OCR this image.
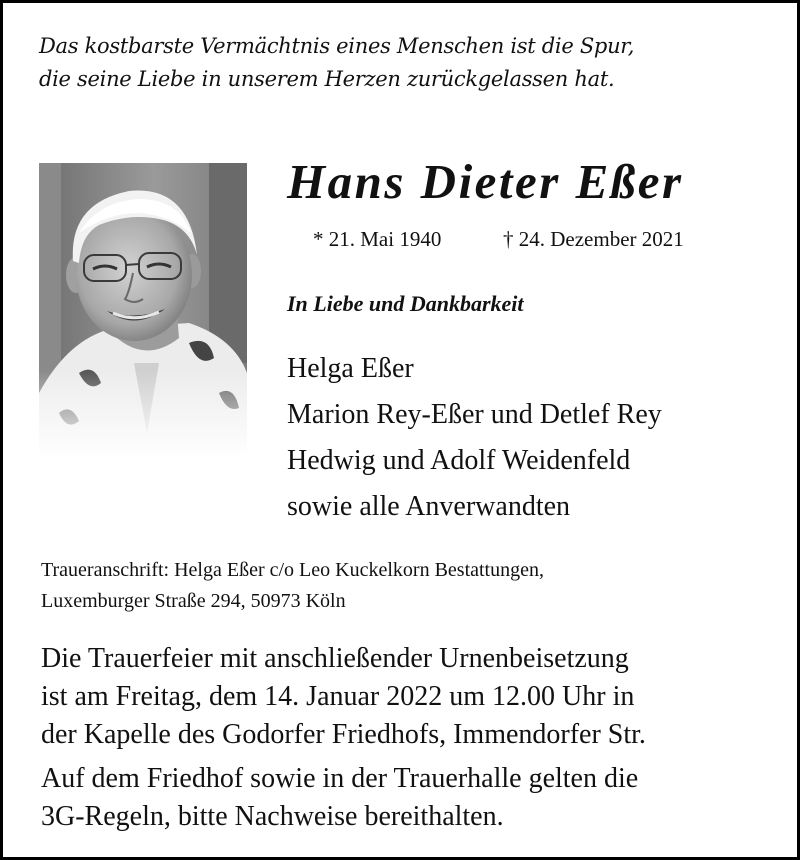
Das kostbarste Vermächtnis eines Menschen ist die Spur,
die seine Liebe in unserem Herzen zurückgelassen hat.
Hans Dieter Eßer
* 21. Mai 1940	† 24. Dezember 2021
In Liebe und Dankbarkeit
Helga Eßer
Marion Rey-Eßer und Detlef Rey
Hedwig und Adolf Weidenfeld
sowie alle Anverwandten
Traueranschrift: Helga Eßer c/o Leo Kuckelkorn Bestattungen,
Luxemburger Straße 294, 50973 Köln
Die Trauerfeier mit anschließender Urnenbeisetzung
ist am Freitag, dem 14. Januar 2022 um 12.00 Uhr in
der Kapelle des Godorfer Friedhofs, Immendorfer Str.
Auf dem Friedhof sowie in der Trauerhalle gelten die
3G-Regeln, bitte Nachweise bereithalten.
